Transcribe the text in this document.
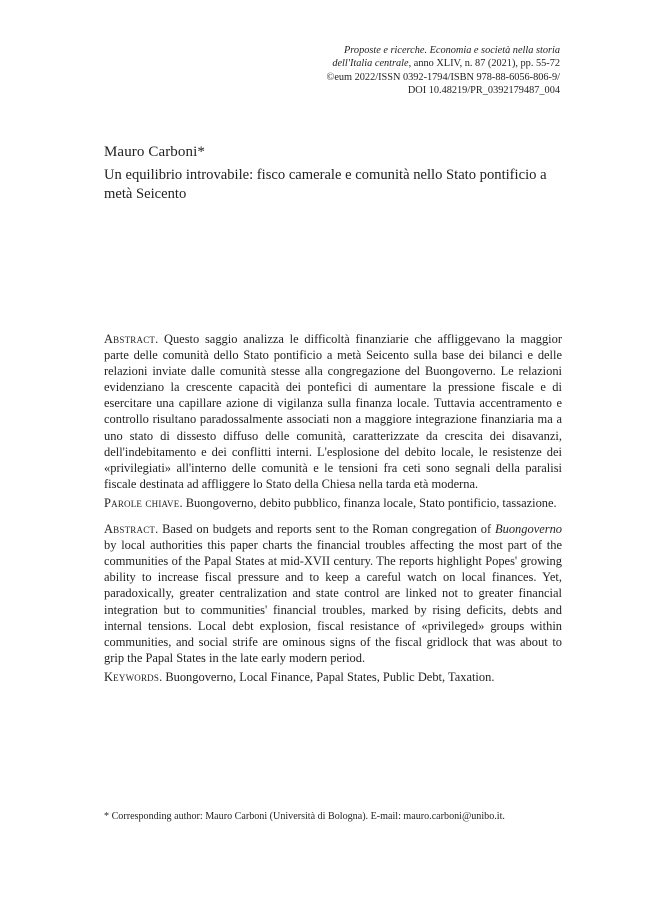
Proposte e ricerche. Economia e società nella storia
dell'Italia centrale, anno XLIV, n. 87 (2021), pp. 55-72
©eum 2022/ISSN 0392-1794/ISBN 978-88-6056-806-9/
DOI 10.48219/PR_0392179487_004
Mauro Carboni*
Un equilibrio introvabile: fisco camerale e comunità nello Stato pontificio a metà Seicento

Abstract. Questo saggio analizza le difficoltà finanziarie che affliggevano la maggior parte delle comunità dello Stato pontificio a metà Seicento sulla base dei bilanci e delle relazioni inviate dalle comunità stesse alla congregazione del Buongoverno. Le relazioni evidenziano la crescente capacità dei pontefici di aumentare la pressione fiscale e di esercitare una capillare azione di vigilanza sulla finanza locale. Tuttavia accentramento e controllo risultano paradossalmente associati non a maggiore integrazione finanziaria ma a uno stato di dissesto diffuso delle comunità, caratterizzate da crescita dei disavanzi, dell'indebitamento e dei conflitti interni. L'esplosione del debito locale, le resistenze dei «privilegiati» all'interno delle comunità e le tensioni fra ceti sono segnali della paralisi fiscale destinata ad affliggere lo Stato della Chiesa nella tarda età moderna.

Parole chiave. Buongoverno, debito pubblico, finanza locale, Stato pontificio, tassazione.

Abstract. Based on budgets and reports sent to the Roman congregation of Buongoverno by local authorities this paper charts the financial troubles affecting the most part of the communities of the Papal States at mid-XVII century. The reports highlight Popes' growing ability to increase fiscal pressure and to keep a careful watch on local finances. Yet, paradoxically, greater centralization and state control are linked not to greater financial integration but to communities' financial troubles, marked by rising deficits, debts and internal tensions. Local debt explosion, fiscal resistance of «privileged» groups within communities, and social strife are ominous signs of the fiscal gridlock that was about to grip the Papal States in the late early modern period.

Keywords. Buongoverno, Local Finance, Papal States, Public Debt, Taxation.

* Corresponding author: Mauro Carboni (Università di Bologna). E-mail: mauro.carboni@unibo.it.
